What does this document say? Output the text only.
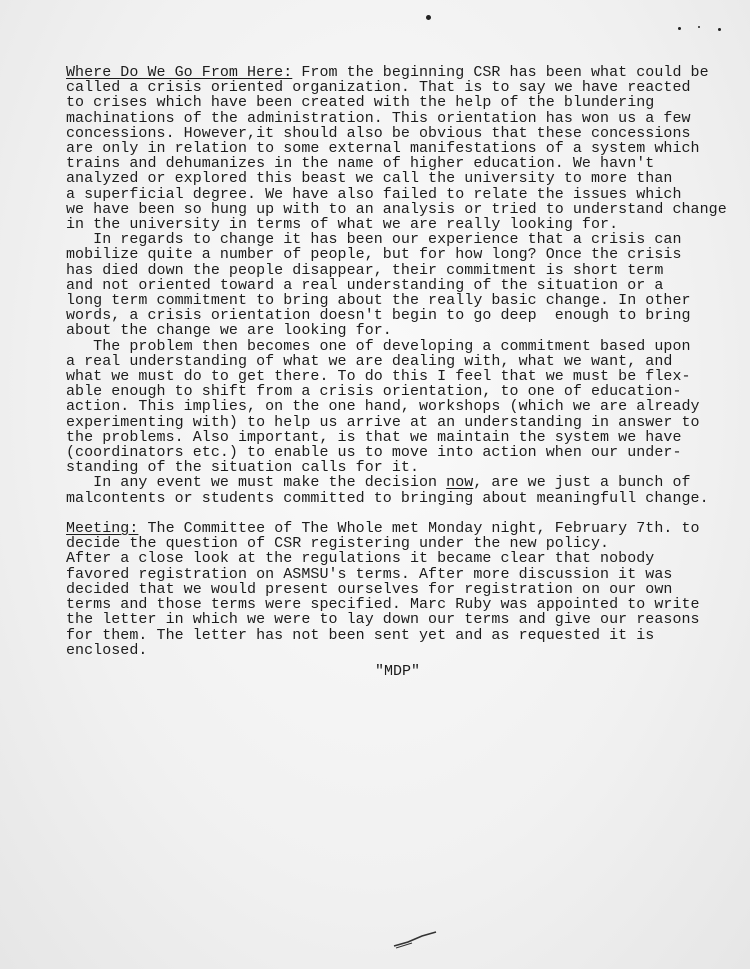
Where Do We Go From Here: From the beginning CSR has been what could be
called a crisis oriented organization. That is to say we have reacted
to crises which have been created with the help of the blundering
machinations of the administration. This orientation has won us a few
concessions. However,it should also be obvious that these concessions
are only in relation to some external manifestations of a system which
trains and dehumanizes in the name of higher education. We havn't
analyzed or explored this beast we call the university to more than
a superficial degree. We have also failed to relate the issues which
we have been so hung up with to an analysis or tried to understand change
in the university in terms of what we are really looking for.
In regards to change it has been our experience that a crisis can
mobilize quite a number of people, but for how long? Once the crisis
has died down the people disappear, their commitment is short term
and not oriented toward a real understanding of the situation or a
long term commitment to bring about the really basic change. In other
words, a crisis orientation doesn't begin to go deep  enough to bring
about the change we are looking for.
The problem then becomes one of developing a commitment based upon
a real understanding of what we are dealing with, what we want, and
what we must do to get there. To do this I feel that we must be flex-
able enough to shift from a crisis orientation, to one of education-
action. This implies, on the one hand, workshops (which we are already
experimenting with) to help us arrive at an understanding in answer to
the problems. Also important, is that we maintain the system we have
(coordinators etc.) to enable us to move into action when our under-
standing of the situation calls for it.
In any event we must make the decision now, are we just a bunch of
malcontents or students committed to bringing about meaningfull change.
Meeting: The Committee of The Whole met Monday night, February 7th. to
decide the question of CSR registering under the new policy.
After a close look at the regulations it became clear that nobody
favored registration on ASMSU's terms. After more discussion it was
decided that we would present ourselves for registration on our own
terms and those terms were specified. Marc Ruby was appointed to write
the letter in which we were to lay down our terms and give our reasons
for them. The letter has not been sent yet and as requested it is
enclosed.
"MDP"
